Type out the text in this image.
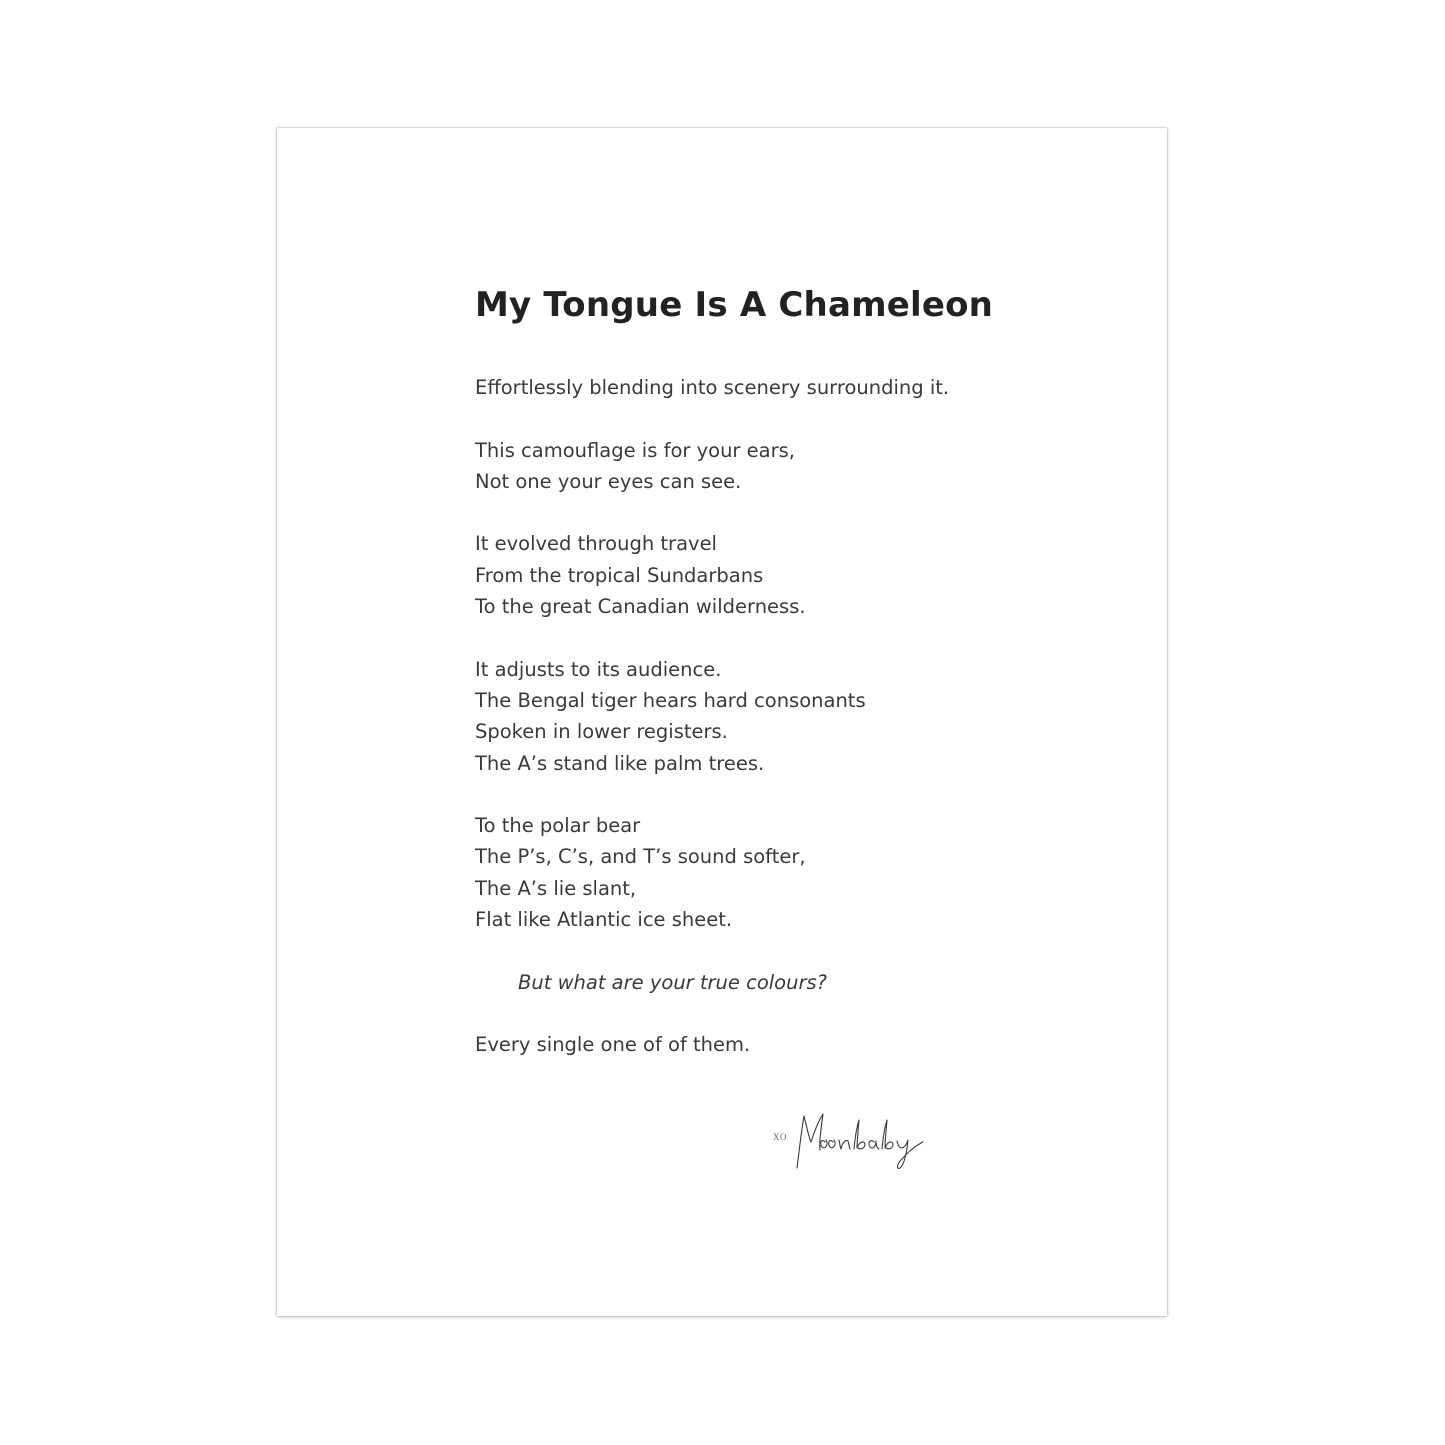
My Tongue Is A Chameleon
Effortlessly blending into scenery surrounding it.
This camouflage is for your ears,
Not one your eyes can see.
It evolved through travel
From the tropical Sundarbans
To the great Canadian wilderness.
It adjusts to its audience.
The Bengal tiger hears hard consonants
Spoken in lower registers.
The A’s stand like palm trees.
To the polar bear
The P’s, C’s, and T’s sound softer,
The A’s lie slant,
Flat like Atlantic ice sheet.
But what are your true colours?
Every single one of of them.
XO
